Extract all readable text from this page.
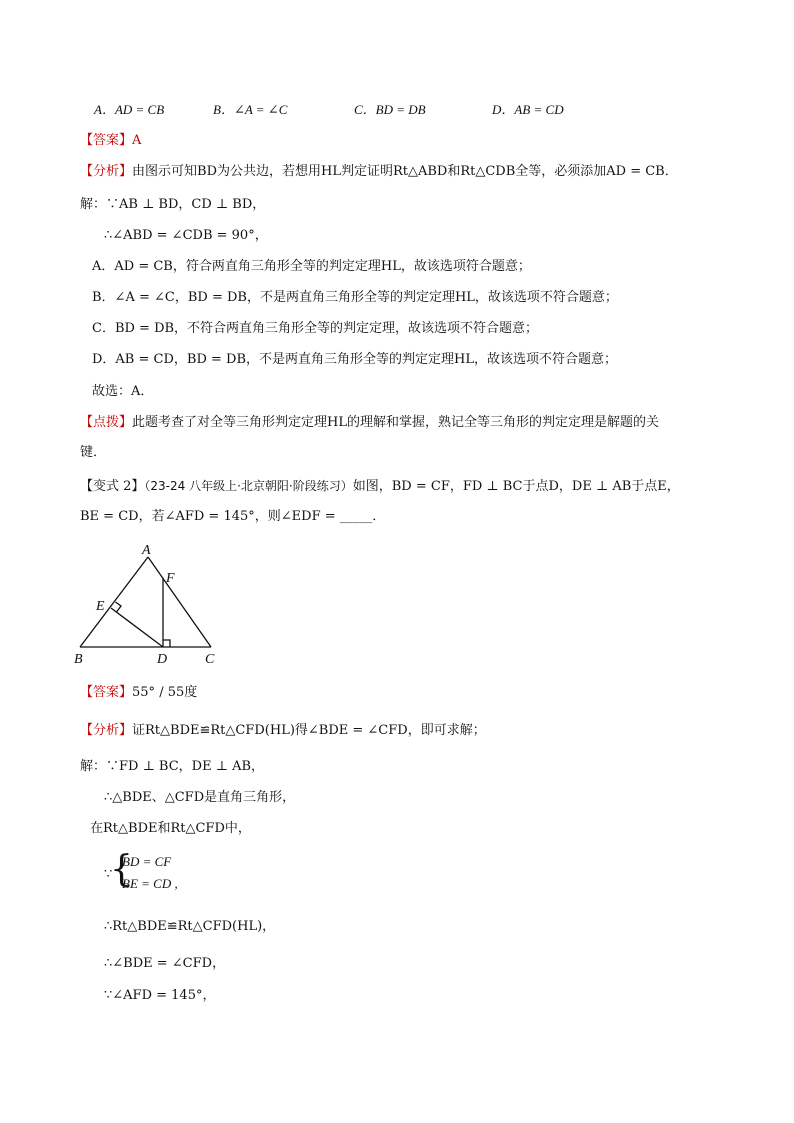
A．AD = CB	B．∠A = ∠C	C．BD = DB	D．AB = CD
【答案】A
【分析】由图示可知BD为公共边，若想用HL判定证明Rt△ABD和Rt△CDB全等，必须添加AD = CB．
解：∵AB ⊥ BD，CD ⊥ BD，
∴∠ABD = ∠CDB = 90°，
A．AD = CB，符合两直角三角形全等的判定定理HL，故该选项符合题意；
B．∠A = ∠C，BD = DB，不是两直角三角形全等的判定定理HL，故该选项不符合题意；
C．BD = DB，不符合两直角三角形全等的判定定理，故该选项不符合题意；
D．AB = CD，BD = DB，不是两直角三角形全等的判定定理HL，故该选项不符合题意；
故选：A．
【点拨】此题考查了对全等三角形判定定理HL的理解和掌握，熟记全等三角形的判定定理是解题的关
键．
【变式 2】（23-24 八年级上·北京朝阳·阶段练习）如图，BD = CF，FD ⊥ BC于点D，DE ⊥ AB于点E，
BE = CD，若∠AFD = 145°，则∠EDF = _____．
A
F
E
B	D	C
【答案】55° / 55度
【分析】证Rt△BDE≌Rt△CFD(HL)得∠BDE = ∠CFD，即可求解；
解：∵FD ⊥ BC，DE ⊥ AB，
∴△BDE、△CFD是直角三角形，
在Rt△BDE和Rt△CFD中，
∵
{
BD = CF
BE = CD ,
∴Rt△BDE≌Rt△CFD(HL)，
∴∠BDE = ∠CFD，
∵∠AFD = 145°，
